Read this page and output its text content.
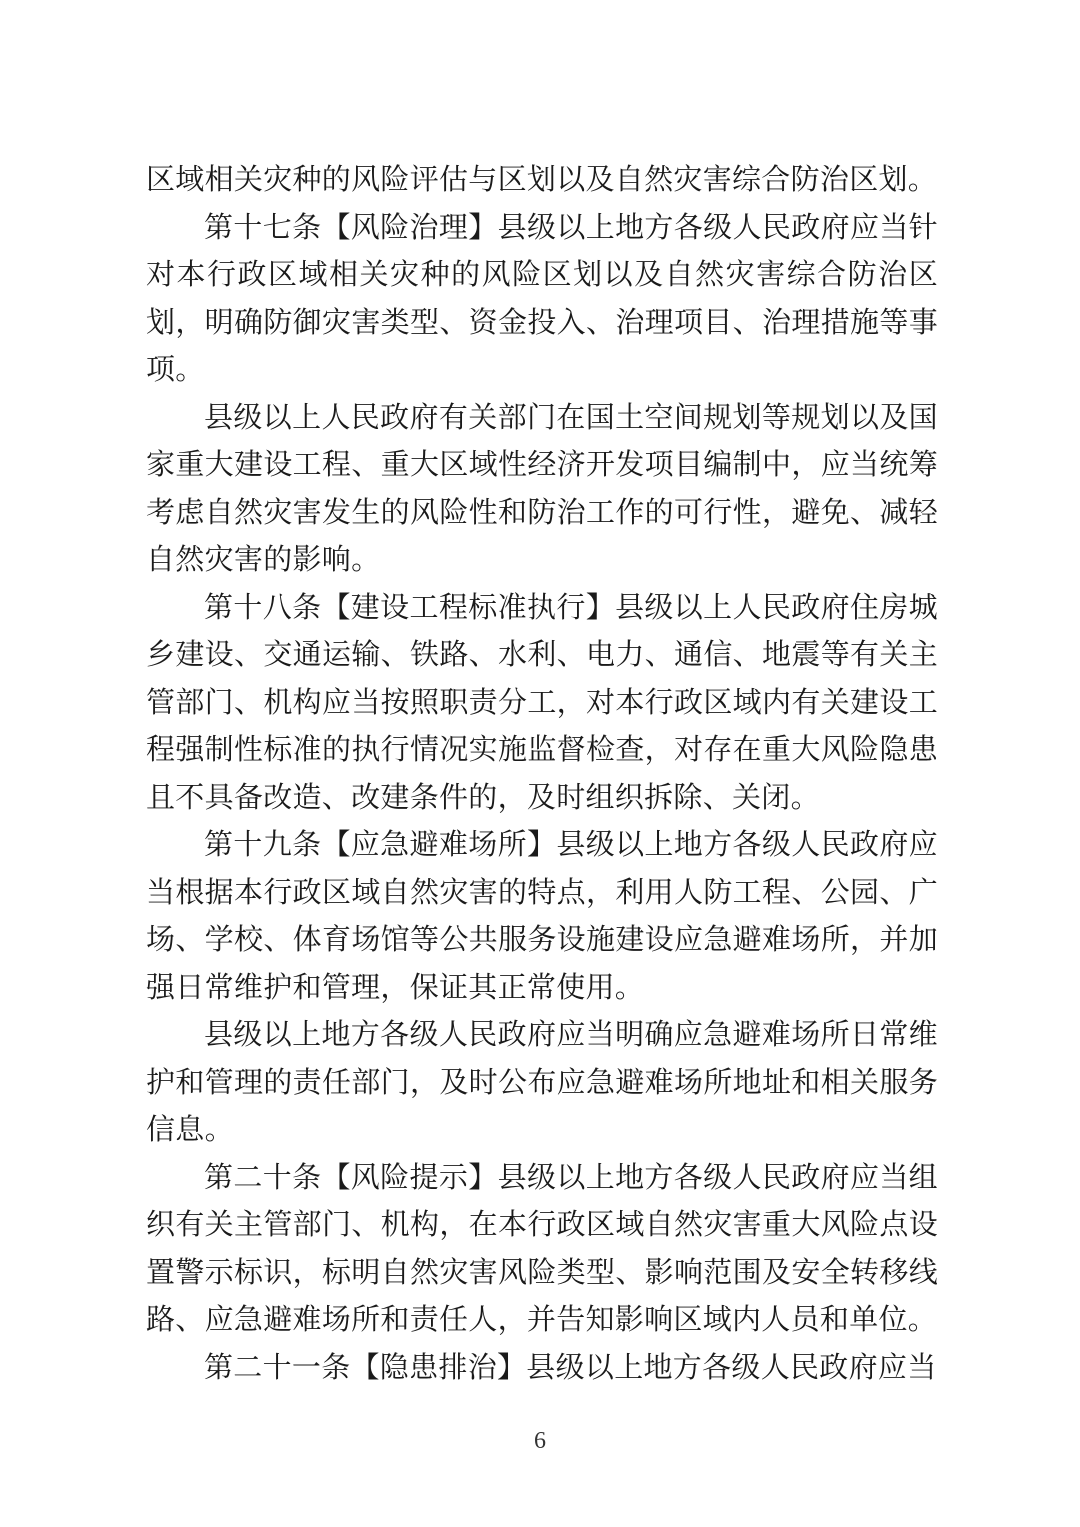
区域相关灾种的风险评估与区划以及自然灾害综合防治区划。

第十七条【风险治理】县级以上地方各级人民政府应当针对本行政区域相关灾种的风险区划以及自然灾害综合防治区划，明确防御灾害类型、资金投入、治理项目、治理措施等事项。

县级以上人民政府有关部门在国土空间规划等规划以及国家重大建设工程、重大区域性经济开发项目编制中，应当统筹考虑自然灾害发生的风险性和防治工作的可行性，避免、减轻自然灾害的影响。

第十八条【建设工程标准执行】县级以上人民政府住房城乡建设、交通运输、铁路、水利、电力、通信、地震等有关主管部门、机构应当按照职责分工，对本行政区域内有关建设工程强制性标准的执行情况实施监督检查，对存在重大风险隐患且不具备改造、改建条件的，及时组织拆除、关闭。

第十九条【应急避难场所】县级以上地方各级人民政府应当根据本行政区域自然灾害的特点，利用人防工程、公园、广场、学校、体育场馆等公共服务设施建设应急避难场所，并加强日常维护和管理，保证其正常使用。

县级以上地方各级人民政府应当明确应急避难场所日常维护和管理的责任部门，及时公布应急避难场所地址和相关服务信息。

第二十条【风险提示】县级以上地方各级人民政府应当组织有关主管部门、机构，在本行政区域自然灾害重大风险点设置警示标识，标明自然灾害风险类型、影响范围及安全转移线路、应急避难场所和责任人，并告知影响区域内人员和单位。

第二十一条【隐患排治】县级以上地方各级人民政府应当

6
